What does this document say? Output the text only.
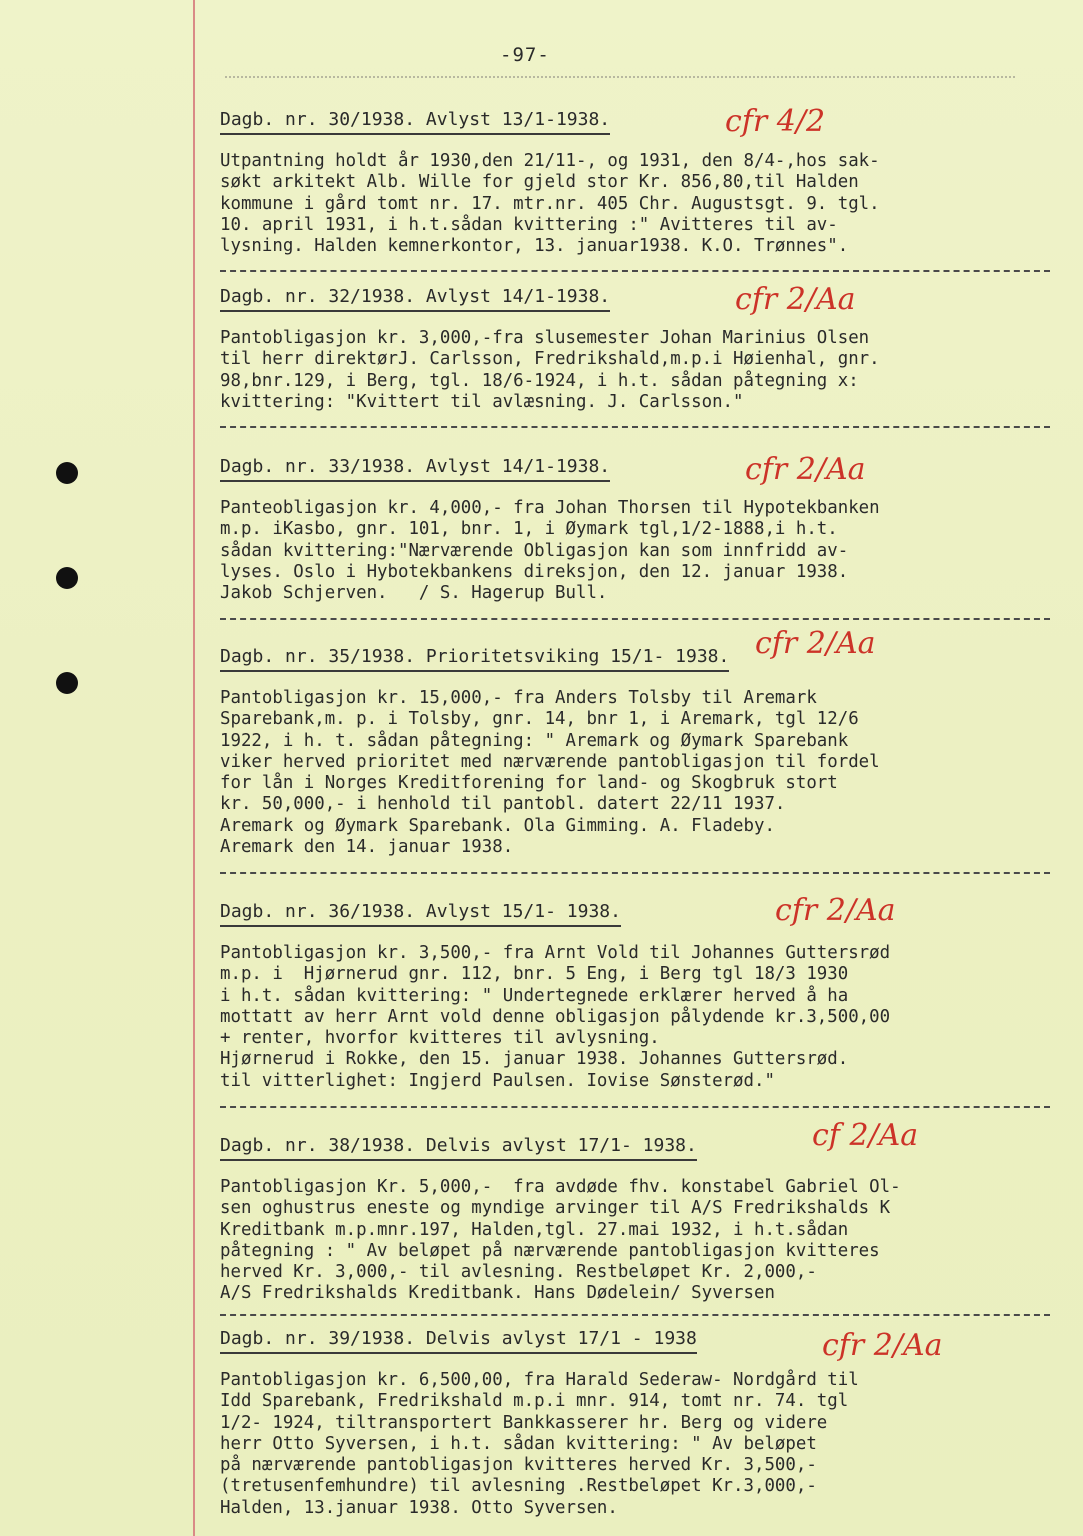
-97-
Dagb. nr. 30/1938. Avlyst 13/1-1938.
Utpantning holdt år 1930,den 21/11-, og 1931, den 8/4-,hos sak-
søkt arkitekt Alb. Wille for gjeld stor Kr. 856,80,til Halden
kommune i gård tomt nr. 17. mtr.nr. 405 Chr. Augustsgt. 9. tgl.
10. april 1931, i h.t.sådan kvittering :" Avitteres til av-
lysning. Halden kemnerkontor, 13. januar1938. K.O. Trønnes".
cfr 4/2
Dagb. nr. 32/1938. Avlyst 14/1-1938.
Pantobligasjon kr. 3,000,-fra slusemester Johan Marinius Olsen
til herr direktørJ. Carlsson, Fredrikshald,m.p.i Høienhal, gnr.
98,bnr.129, i Berg, tgl. 18/6-1924, i h.t. sådan påtegning x:
kvittering: "Kvittert til avlæsning. J. Carlsson."
cfr 2/Aa
Dagb. nr. 33/1938. Avlyst 14/1-1938.
Panteobligasjon kr. 4,000,- fra Johan Thorsen til Hypotekbanken
m.p. iKasbo, gnr. 101, bnr. 1, i Øymark tgl,1/2-1888,i h.t.
sådan kvittering:"Nærværende Obligasjon kan som innfridd av-
lyses. Oslo i Hybotekbankens direksjon, den 12. januar 1938.
Jakob Schjerven.   / S. Hagerup Bull.
cfr 2/Aa
Dagb. nr. 35/1938. Prioritetsviking 15/1- 1938.
Pantobligasjon kr. 15,000,- fra Anders Tolsby til Aremark
Sparebank,m. p. i Tolsby, gnr. 14, bnr 1, i Aremark, tgl 12/6
1922, i h. t. sådan påtegning: " Aremark og Øymark Sparebank
viker herved prioritet med nærværende pantobligasjon til fordel
for lån i Norges Kreditforening for land- og Skogbruk stort
kr. 50,000,- i henhold til pantobl. datert 22/11 1937.
Aremark og Øymark Sparebank. Ola Gimming. A. Fladeby.
Aremark den 14. januar 1938.
cfr 2/Aa
Dagb. nr. 36/1938. Avlyst 15/1- 1938.
Pantobligasjon kr. 3,500,- fra Arnt Vold til Johannes Guttersrød
m.p. i  Hjørnerud gnr. 112, bnr. 5 Eng, i Berg tgl 18/3 1930
i h.t. sådan kvittering: " Undertegnede erklærer herved å ha
mottatt av herr Arnt vold denne obligasjon pålydende kr.3,500,00
+ renter, hvorfor kvitteres til avlysning.
Hjørnerud i Rokke, den 15. januar 1938. Johannes Guttersrød.
til vitterlighet: Ingjerd Paulsen. Iovise Sønsterød."
cfr 2/Aa
Dagb. nr. 38/1938. Delvis avlyst 17/1- 1938.
Pantobligasjon Kr. 5,000,-  fra avdøde fhv. konstabel Gabriel Ol-
sen oghustrus eneste og myndige arvinger til A/S Fredrikshalds K
Kreditbank m.p.mnr.197, Halden,tgl. 27.mai 1932, i h.t.sådan
påtegning : " Av beløpet på nærværende pantobligasjon kvitteres
herved Kr. 3,000,- til avlesning. Restbeløpet Kr. 2,000,-
A/S Fredrikshalds Kreditbank. Hans Dødelein/ Syversen
cf 2/Aa
Dagb. nr. 39/1938. Delvis avlyst 17/1 - 1938
Pantobligasjon kr. 6,500,00, fra Harald Sederaw- Nordgård til
Idd Sparebank, Fredrikshald m.p.i mnr. 914, tomt nr. 74. tgl
1/2- 1924, tiltransportert Bankkasserer hr. Berg og videre
herr Otto Syversen, i h.t. sådan kvittering: " Av beløpet
på nærværende pantobligasjon kvitteres herved Kr. 3,500,-
(tretusenfemhundre) til avlesning .Restbeløpet Kr.3,000,-
Halden, 13.januar 1938. Otto Syversen.
cfr 2/Aa
